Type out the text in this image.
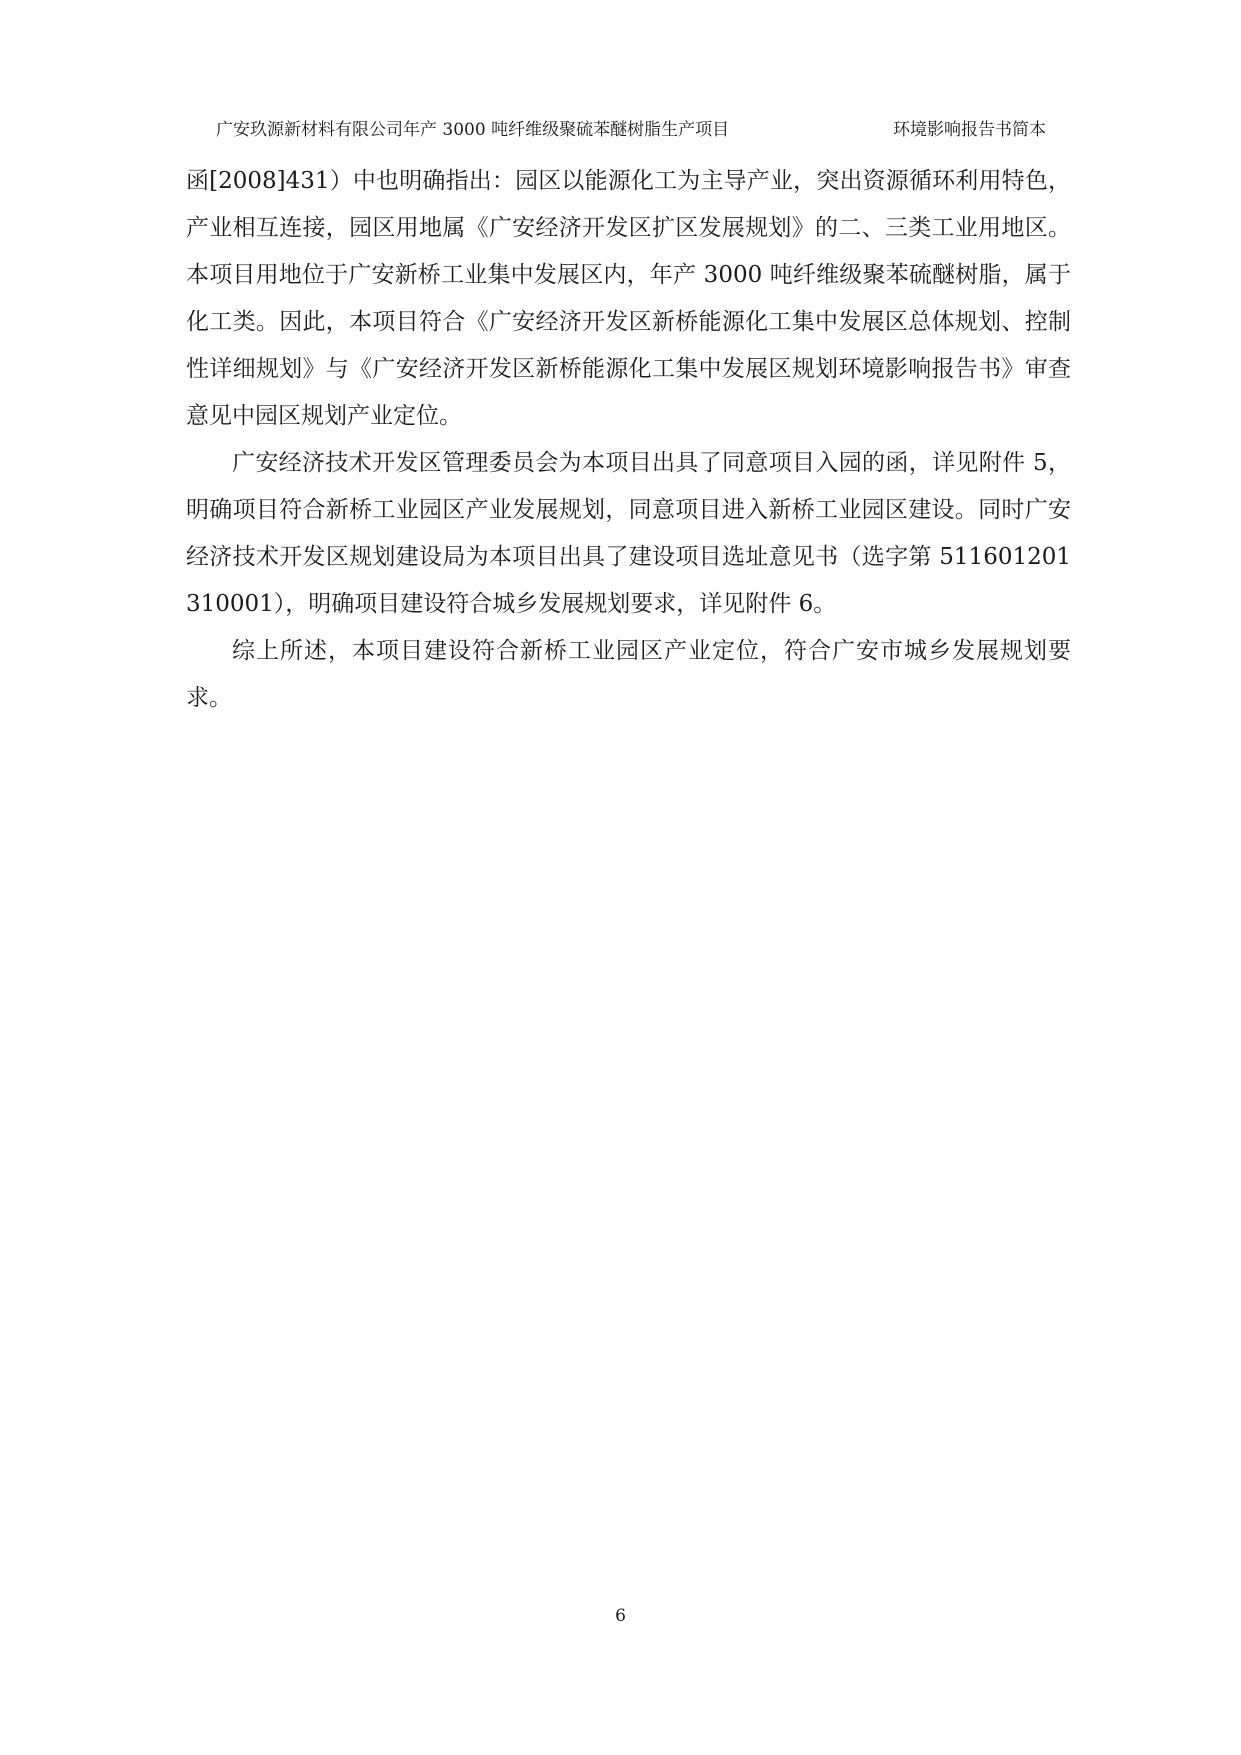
广安玖源新材料有限公司年产 3000 吨纤维级聚硫苯醚树脂生产项目	环境影响报告书简本

函[2008]431）中也明确指出：园区以能源化工为主导产业，突出资源循环利用特色，产业相互连接，园区用地属《广安经济开发区扩区发展规划》的二、三类工业用地区。本项目用地位于广安新桥工业集中发展区内，年产 3000 吨纤维级聚苯硫醚树脂，属于化工类。因此，本项目符合《广安经济开发区新桥能源化工集中发展区总体规划、控制性详细规划》与《广安经济开发区新桥能源化工集中发展区规划环境影响报告书》审查意见中园区规划产业定位。

广安经济技术开发区管理委员会为本项目出具了同意项目入园的函，详见附件 5，明确项目符合新桥工业园区产业发展规划，同意项目进入新桥工业园区建设。同时广安经济技术开发区规划建设局为本项目出具了建设项目选址意见书（选字第 511601201310001），明确项目建设符合城乡发展规划要求，详见附件 6。

综上所述，本项目建设符合新桥工业园区产业定位，符合广安市城乡发展规划要求。

6
